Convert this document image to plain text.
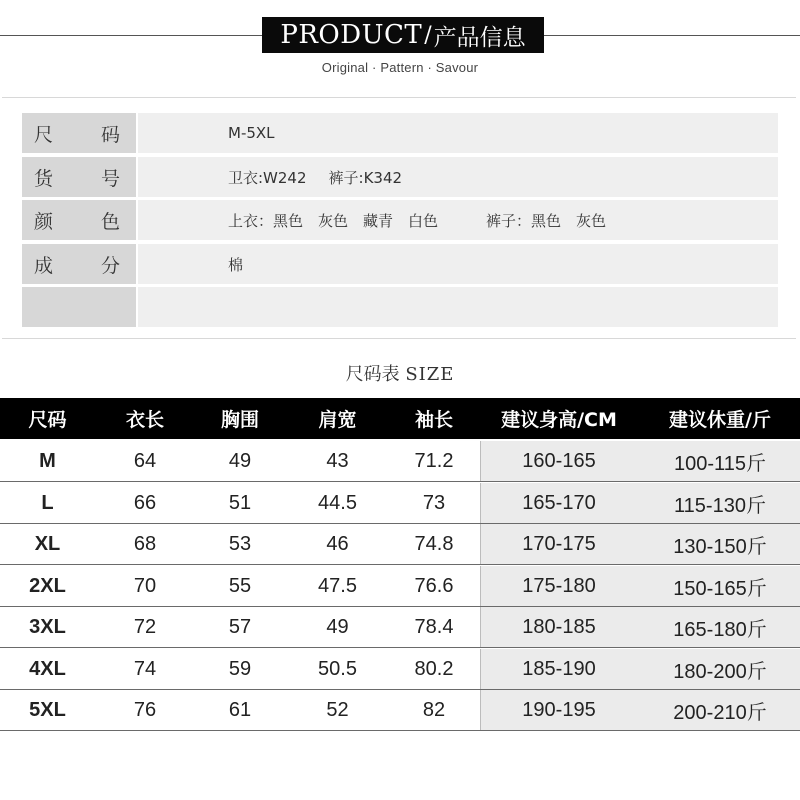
PRODUCT / 产品信息
Original · Pattern · Savour
尺	码	M-5XL
货	号	卫衣:W242 裤子:K342
颜	色	上衣：黑色　灰色　藏青　白色	裤子：黑色　灰色
成	分	棉
尺码表 SIZE
尺码	衣长	胸围	肩宽	袖长	建议身高/CM	建议休重/斤
M	64	49	43	71.2	160-165	100-115斤
L	66	51	44.5	73	165-170	115-130斤
XL	68	53	46	74.8	170-175	130-150斤
2XL	70	55	47.5	76.6	175-180	150-165斤
3XL	72	57	49	78.4	180-185	165-180斤
4XL	74	59	50.5	80.2	185-190	180-200斤
5XL	76	61	52	82	190-195	200-210斤
